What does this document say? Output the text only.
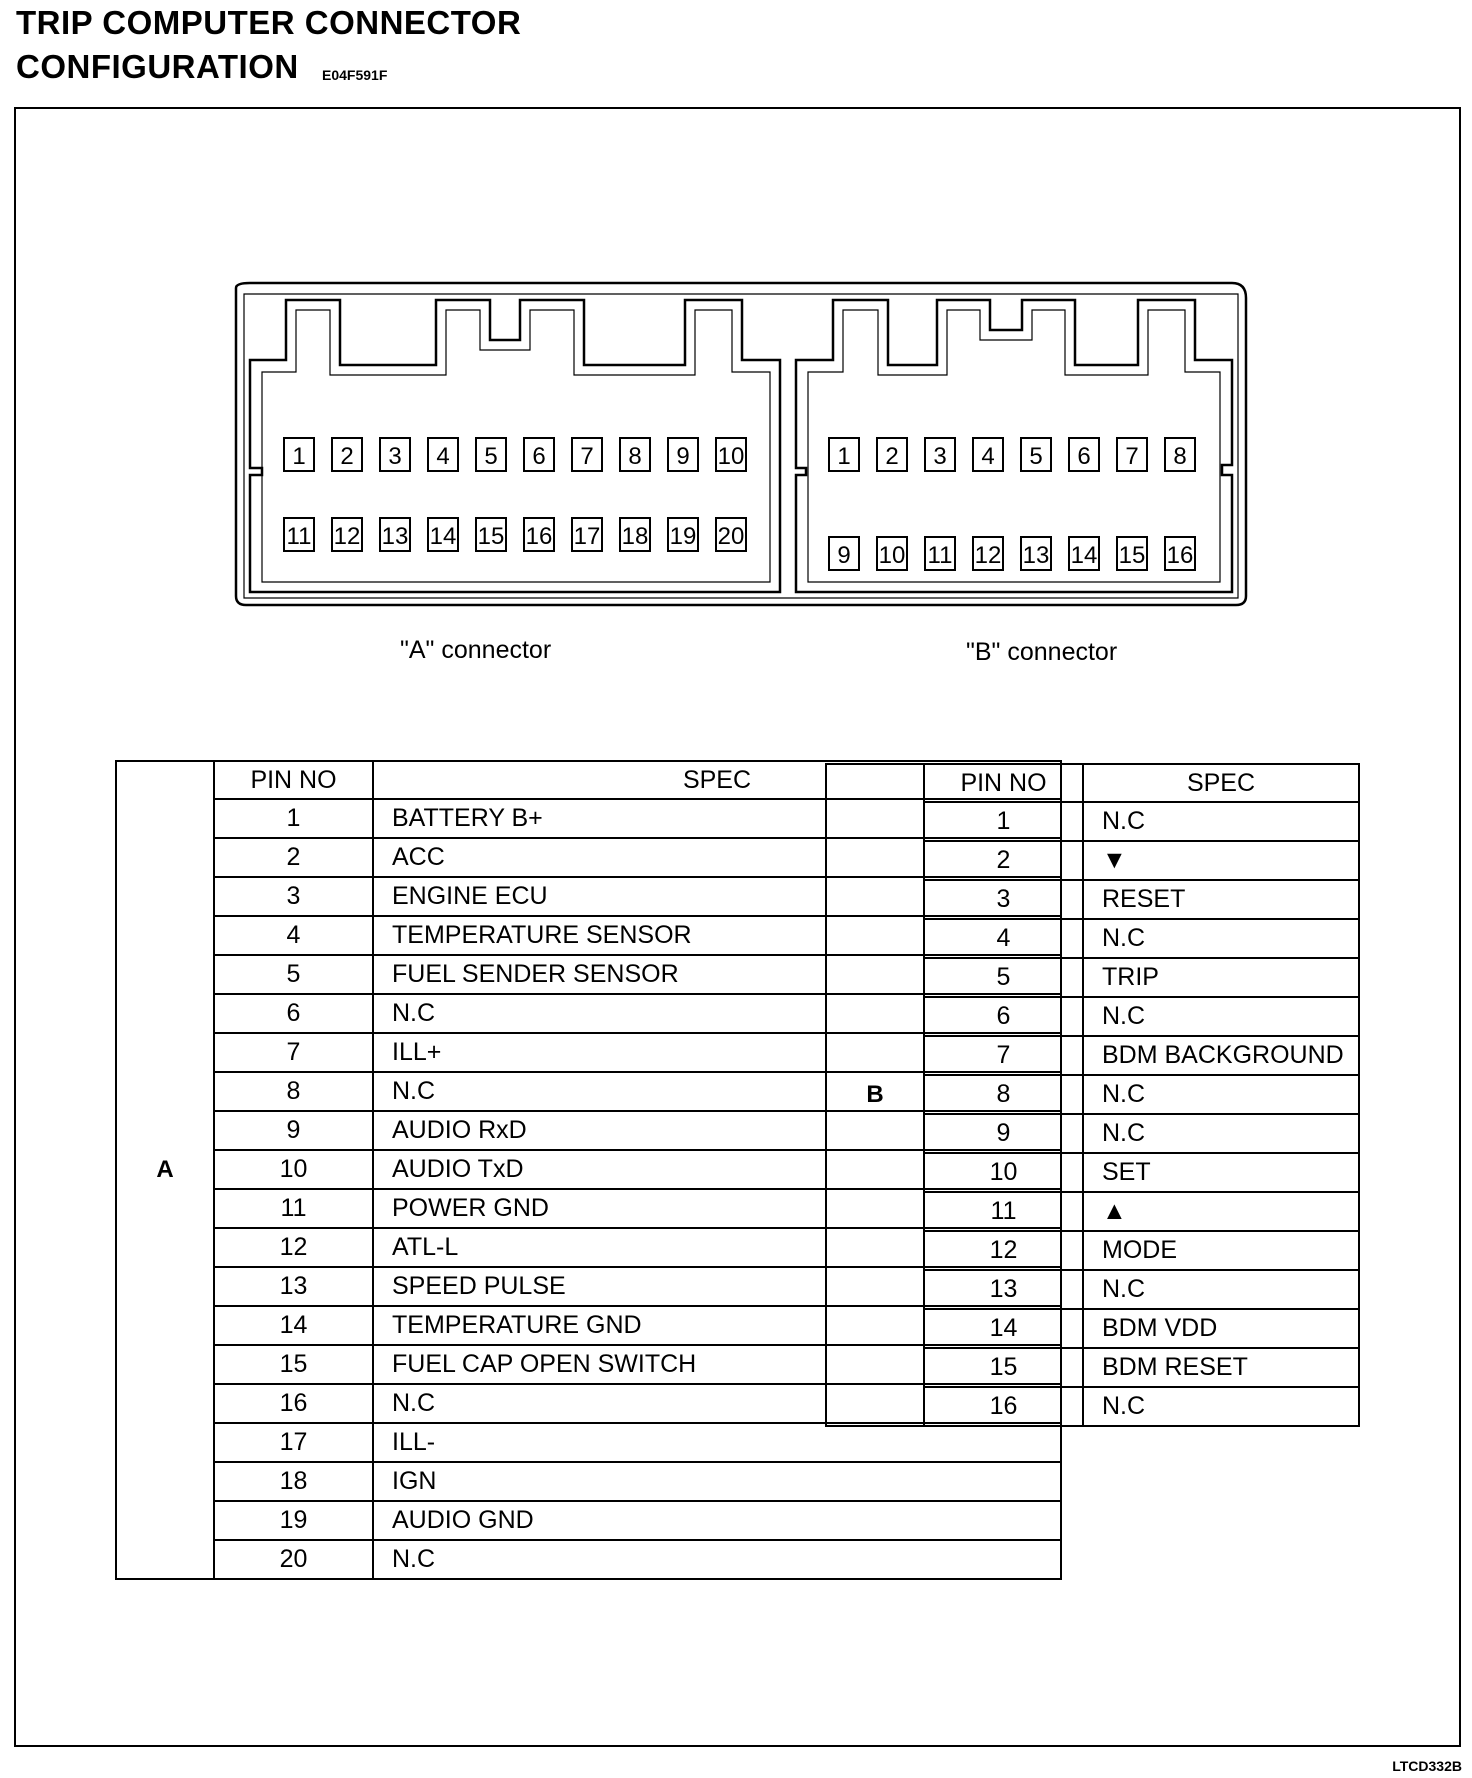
TRIP COMPUTER CONNECTOR
CONFIGURATION E04F591F
1 2 3 4 5 6 7 8 9 10
11 12 13 14 15 16 17 18 19 20
1 2 3 4 5 6 7 8
9 10 11 12 13 14 15 16
"A" connector	"B" connector
A	PIN NO	SPEC
	1	BATTERY B+
	2	ACC
	3	ENGINE ECU
	4	TEMPERATURE SENSOR
	5	FUEL SENDER SENSOR
	6	N.C
	7	ILL+
	8	N.C
	9	AUDIO RxD
	10	AUDIO TxD
	11	POWER GND
	12	ATL-L
	13	SPEED PULSE
	14	TEMPERATURE GND
	15	FUEL CAP OPEN SWITCH
	16	N.C
	17	ILL-
	18	IGN
	19	AUDIO GND
	20	N.C
B	PIN NO	SPEC
	1	N.C
	2	▼
	3	RESET
	4	N.C
	5	TRIP
	6	N.C
	7	BDM BACKGROUND
	8	N.C
	9	N.C
	10	SET
	11	▲
	12	MODE
	13	N.C
	14	BDM VDD
	15	BDM RESET
	16	N.C
LTCD332B
